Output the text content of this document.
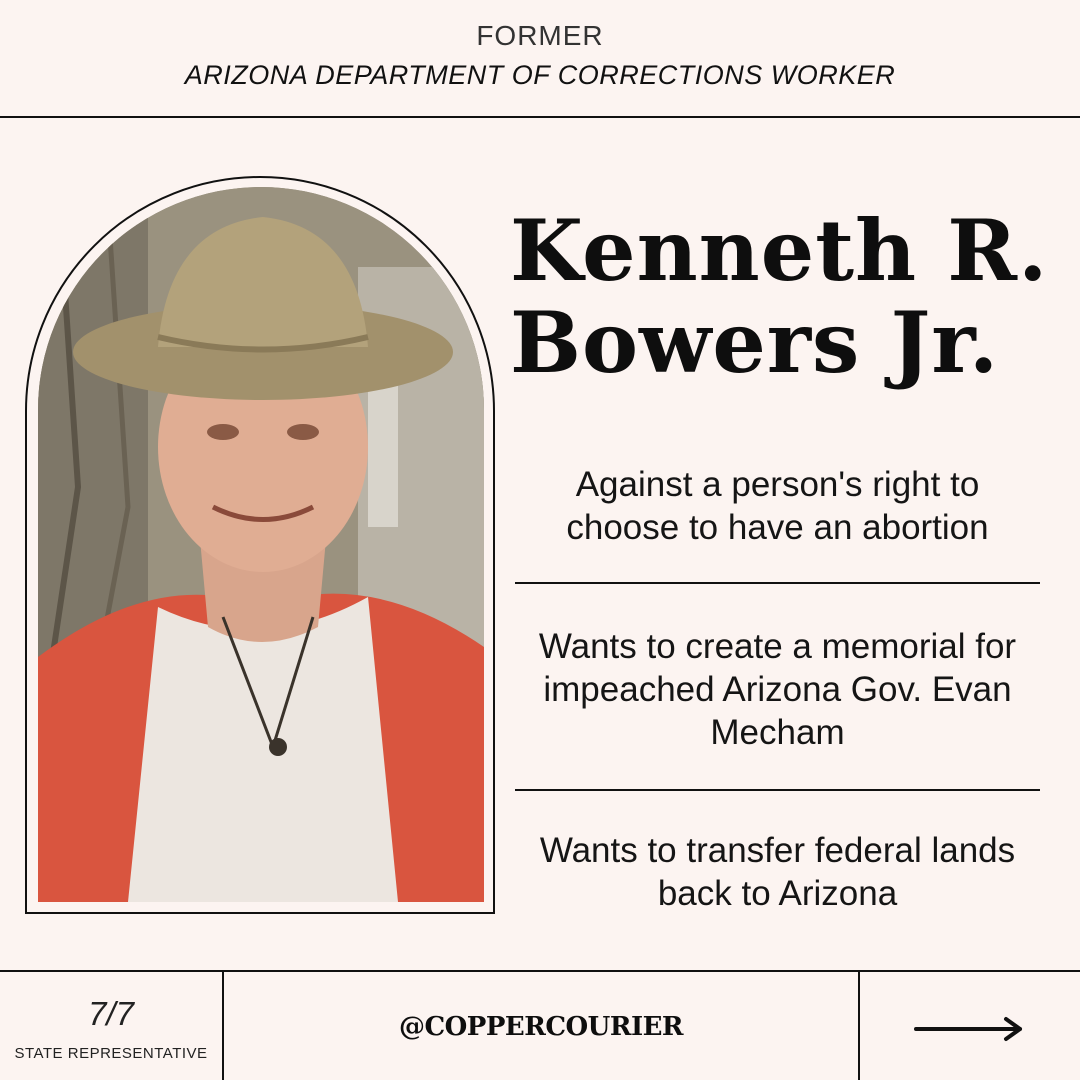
FORMER
ARIZONA DEPARTMENT OF CORRECTIONS WORKER
Kenneth R.
Bowers Jr.
Against a person's right to choose to have an abortion
Wants to create a memorial for impeached Arizona Gov. Evan Mecham
Wants to transfer federal lands back to Arizona
7/7
STATE REPRESENTATIVE
@COPPERCOURIER
